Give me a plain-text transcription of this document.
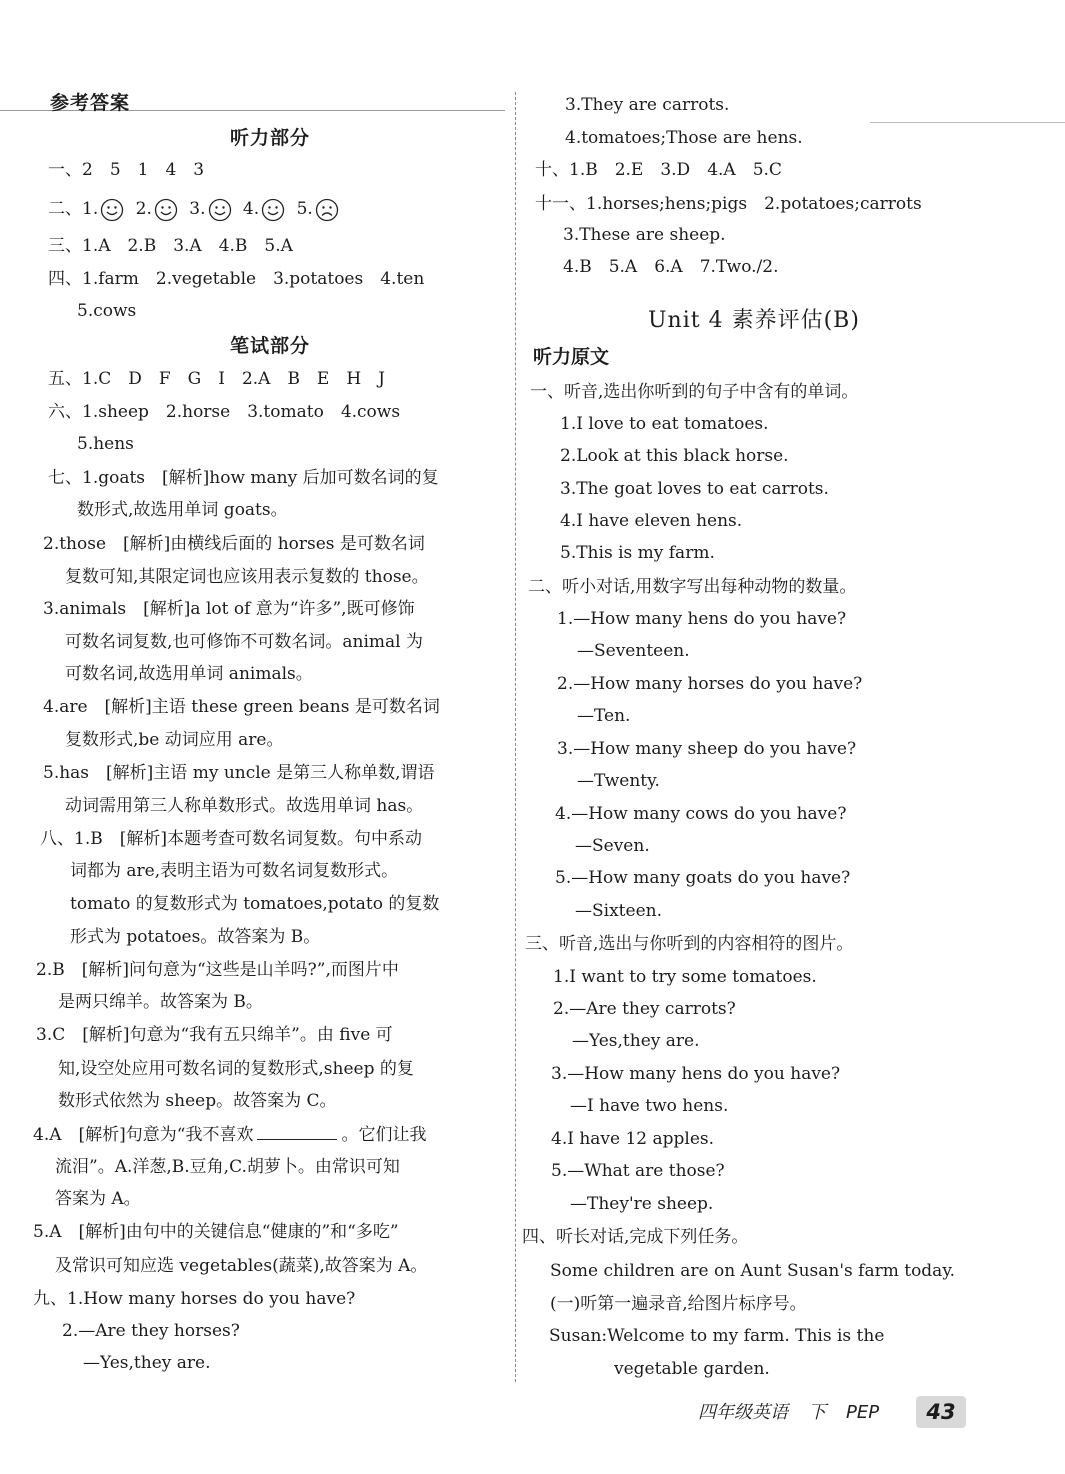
参考答案
听力部分
一、2　5　1　4　3
二、1. 2. 3. 4. 5.
三、1.A　2.B　3.A　4.B　5.A
四、1.farm　2.vegetable　3.potatoes　4.ten
5.cows
笔试部分
五、1.C　D　F　G　I　2.A　B　E　H　J
六、1.sheep　2.horse　3.tomato　4.cows
5.hens
七、1.goats　[解析]how many 后加可数名词的复
数形式,故选用单词 goats。
2.those　[解析]由横线后面的 horses 是可数名词
复数可知,其限定词也应该用表示复数的 those。
3.animals　[解析]a lot of 意为“许多”,既可修饰
可数名词复数,也可修饰不可数名词。animal 为
可数名词,故选用单词 animals。
4.are　[解析]主语 these green beans 是可数名词
复数形式,be 动词应用 are。
5.has　[解析]主语 my uncle 是第三人称单数,谓语
动词需用第三人称单数形式。故选用单词 has。
八、1.B　[解析]本题考查可数名词复数。句中系动
词都为 are,表明主语为可数名词复数形式。
tomato 的复数形式为 tomatoes,potato 的复数
形式为 potatoes。故答案为 B。
2.B　[解析]问句意为“这些是山羊吗?”,而图片中
是两只绵羊。故答案为 B。
3.C　[解析]句意为“我有五只绵羊”。由 five 可
知,设空处应用可数名词的复数形式,sheep 的复
数形式依然为 sheep。故答案为 C。
4.A　[解析]句意为“我不喜欢	。它们让我
流泪”。A.洋葱,B.豆角,C.胡萝卜。由常识可知
答案为 A。
5.A　[解析]由句中的关键信息“健康的”和“多吃”
及常识可知应选 vegetables(蔬菜),故答案为 A。
九、1.How many horses do you have?
2.—Are they horses?
—Yes,they are.
3.They are carrots.
4.tomatoes;Those are hens.
十、1.B　2.E　3.D　4.A　5.C
十一、1.horses;hens;pigs　2.potatoes;carrots
3.These are sheep.
4.B　5.A　6.A　7.Two./2.
Unit 4 素养评估(B)
听力原文
一、听音,选出你听到的句子中含有的单词。
1.I love to eat tomatoes.
2.Look at this black horse.
3.The goat loves to eat carrots.
4.I have eleven hens.
5.This is my farm.
二、听小对话,用数字写出每种动物的数量。
1.—How many hens do you have?
—Seventeen.
2.—How many horses do you have?
—Ten.
3.—How many sheep do you have?
—Twenty.
4.—How many cows do you have?
—Seven.
5.—How many goats do you have?
—Sixteen.
三、听音,选出与你听到的内容相符的图片。
1.I want to try some tomatoes.
2.—Are they carrots?
—Yes,they are.
3.—How many hens do you have?
—I have two hens.
4.I have 12 apples.
5.—What are those?
—They're sheep.
四、听长对话,完成下列任务。
Some children are on Aunt Susan's farm today.
(一)听第一遍录音,给图片标序号。
Susan:Welcome to my farm. This is the
vegetable garden.
四年级英语 下 PEP	43
